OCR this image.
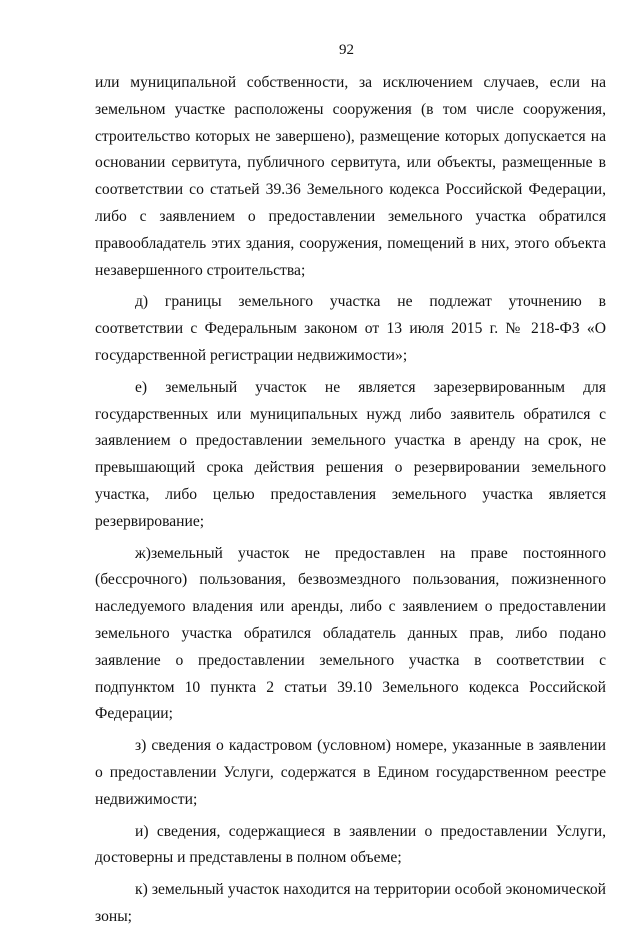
92

или муниципальной собственности, за исключением случаев, если на земельном участке расположены сооружения (в том числе сооружения, строительство которых не завершено), размещение которых допускается на основании сервитута, публичного сервитута, или объекты, размещенные в соответствии со статьей 39.36 Земельного кодекса Российской Федерации, либо с заявлением о предоставлении земельного участка обратился правообладатель этих здания, сооружения, помещений в них, этого объекта незавершенного строительства;

д) границы земельного участка не подлежат уточнению в соответствии с Федеральным законом от 13 июля 2015 г. № 218-ФЗ «О государственной регистрации недвижимости»;

е) земельный участок не является зарезервированным для государственных или муниципальных нужд либо заявитель обратился с заявлением о предоставлении земельного участка в аренду на срок, не превышающий срока действия решения о резервировании земельного участка, либо целью предоставления земельного участка является резервирование;

ж)земельный участок не предоставлен на праве постоянного (бессрочного) пользования, безвозмездного пользования, пожизненного наследуемого владения или аренды, либо с заявлением о предоставлении земельного участка обратился обладатель данных прав, либо подано заявление о предоставлении земельного участка в соответствии с подпунктом 10 пункта 2 статьи 39.10 Земельного кодекса Российской Федерации;

з) сведения о кадастровом (условном) номере, указанные в заявлении о предоставлении Услуги, содержатся в Едином государственном реестре недвижимости;

и) сведения, содержащиеся в заявлении о предоставлении Услуги, достоверны и представлены в полном объеме;

к) земельный участок находится на территории особой экономической зоны;
